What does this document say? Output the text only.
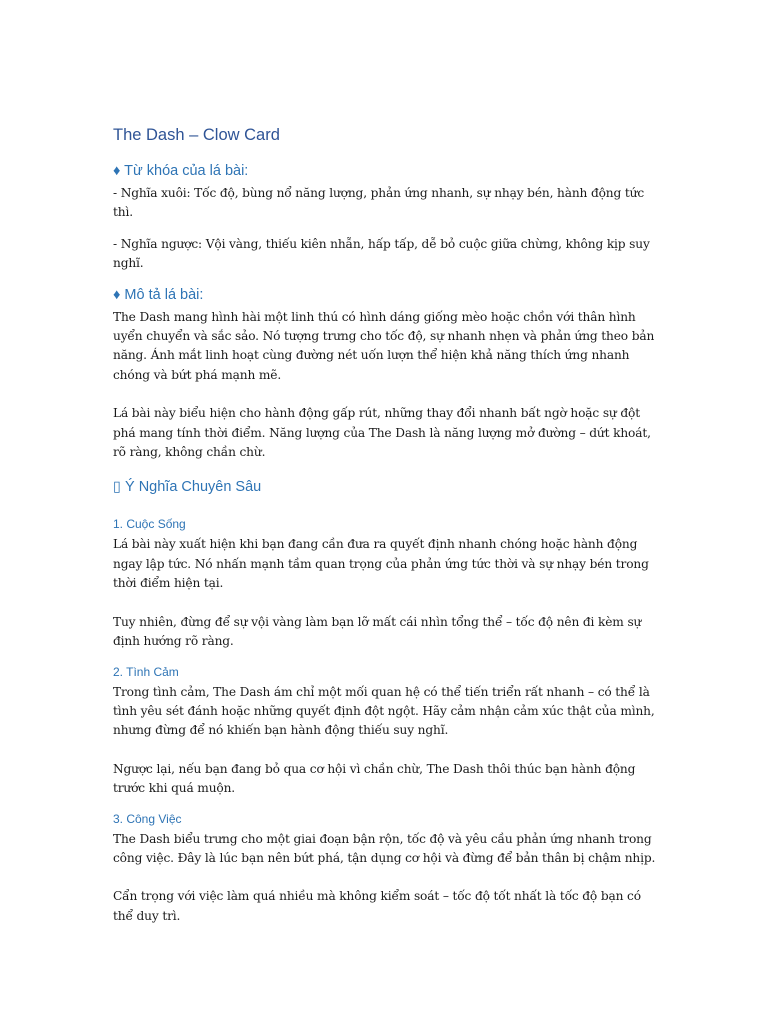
The Dash – Clow Card
♦ Từ khóa của lá bài:

- Nghĩa xuôi: Tốc độ, bùng nổ năng lượng, phản ứng nhanh, sự nhạy bén, hành động tức thì.

- Nghĩa ngược: Vội vàng, thiếu kiên nhẫn, hấp tấp, dễ bỏ cuộc giữa chừng, không kịp suy nghĩ.

♦ Mô tả lá bài:

The Dash mang hình hài một linh thú có hình dáng giống mèo hoặc chồn với thân hình uyển chuyển và sắc sảo. Nó tượng trưng cho tốc độ, sự nhanh nhẹn và phản ứng theo bản năng. Ánh mắt linh hoạt cùng đường nét uốn lượn thể hiện khả năng thích ứng nhanh chóng và bứt phá mạnh mẽ.

Lá bài này biểu hiện cho hành động gấp rút, những thay đổi nhanh bất ngờ hoặc sự đột phá mang tính thời điểm. Năng lượng của The Dash là năng lượng mở đường – dứt khoát, rõ ràng, không chần chừ.

▯ Ý Nghĩa Chuyên Sâu
1. Cuộc Sống

Lá bài này xuất hiện khi bạn đang cần đưa ra quyết định nhanh chóng hoặc hành động ngay lập tức. Nó nhấn mạnh tầm quan trọng của phản ứng tức thời và sự nhạy bén trong thời điểm hiện tại.

Tuy nhiên, đừng để sự vội vàng làm bạn lỡ mất cái nhìn tổng thể – tốc độ nên đi kèm sự định hướng rõ ràng.

2. Tình Cảm

Trong tình cảm, The Dash ám chỉ một mối quan hệ có thể tiến triển rất nhanh – có thể là tình yêu sét đánh hoặc những quyết định đột ngột. Hãy cảm nhận cảm xúc thật của mình, nhưng đừng để nó khiến bạn hành động thiếu suy nghĩ.

Ngược lại, nếu bạn đang bỏ qua cơ hội vì chần chừ, The Dash thôi thúc bạn hành động trước khi quá muộn.

3. Công Việc

The Dash biểu trưng cho một giai đoạn bận rộn, tốc độ và yêu cầu phản ứng nhanh trong công việc. Đây là lúc bạn nên bứt phá, tận dụng cơ hội và đừng để bản thân bị chậm nhịp.

Cẩn trọng với việc làm quá nhiều mà không kiểm soát – tốc độ tốt nhất là tốc độ bạn có thể duy trì.
